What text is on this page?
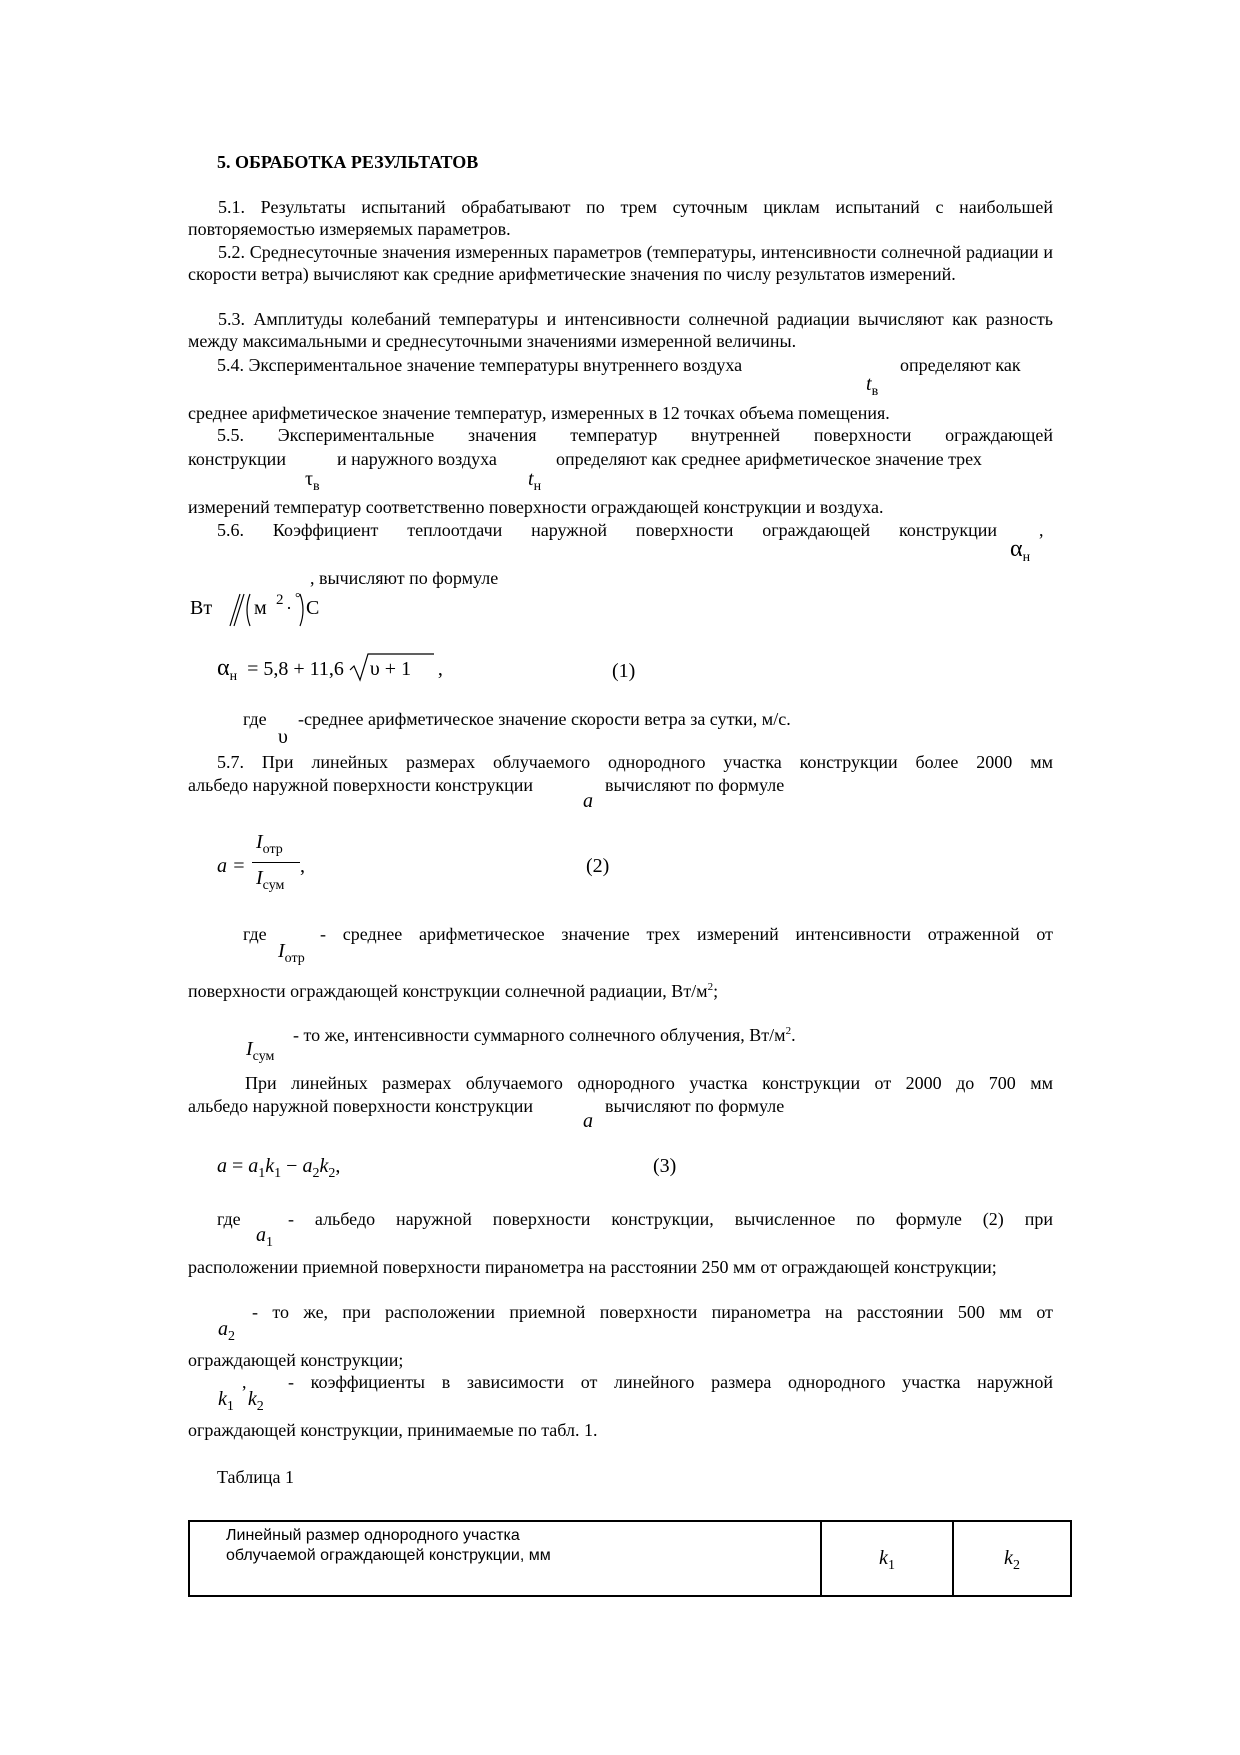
5. ОБРАБОТКА РЕЗУЛЬТАТОВ

5.1. Результаты испытаний обрабатывают по трем суточным циклам испытаний с наибольшей повторяемостью измеряемых параметров.

5.2. Среднесуточные значения измеренных параметров (температуры, интенсивности солнечной радиации и скорости ветра) вычисляют как средние арифметические значения по числу результатов измерений.

5.3. Амплитуды колебаний температуры и интенсивности солнечной радиации вычисляют как разность между максимальными и среднесуточными значениями измеренной величины.

5.4. Экспериментальное значение температуры внутреннего воздуха	определяют как
tв
среднее арифметическое значение температур, измеренных в 12 точках объема помещения.
5.5. Экспериментальные значения температур внутренней поверхности ограждающей
конструкции	и наружного воздуха	определяют как среднее арифметическое значение трех
τв	tн
измерений температур соответственно поверхности ограждающей конструкции и воздуха.
5.6. Коэффициент теплоотдачи наружной поверхности ограждающей конструкции ,
αн
, вычисляют по формуле
Вт м 2 · ° С
αн = 5,8 + 11,6 υ + 1 ,	(1)
где
υ
-среднее арифметическое значение скорости ветра за сутки, м/с.
5.7. При линейных размерах облучаемого однородного участка конструкции более 2000 мм
альбедо наружной поверхности конструкции
a
вычисляют по формуле
a =
Iотр
Iсум
,	(2)
где
Iотр
- среднее арифметическое значение трех измерений интенсивности отраженной от
поверхности ограждающей конструкции солнечной радиации, $Вт/м^2$;
Iсум
- то же, интенсивности суммарного солнечного облучения, $Вт/м^2$.
При линейных размерах облучаемого однородного участка конструкции от 2000 до 700 мм
альбедо наружной поверхности конструкции
a
вычисляют по формуле
a = a1k1 − a2k2,	(3)
где
a1
- альбедо наружной поверхности конструкции, вычисленное по формуле (2) при

расположении приемной поверхности пиранометра на расстоянии 250 мм от ограждающей конструкции;

- то же, при расположении приемной поверхности пиранометра на расстоянии 500 мм от
a2
ограждающей конструкции;
,
k1 k2
- коэффициенты в зависимости от линейного размера однородного участка наружной
ограждающей конструкции, принимаемые по табл. 1.
Таблица 1
Линейный размер однородного участка
облучаемой ограждающей конструкции, мм	k1	k2
